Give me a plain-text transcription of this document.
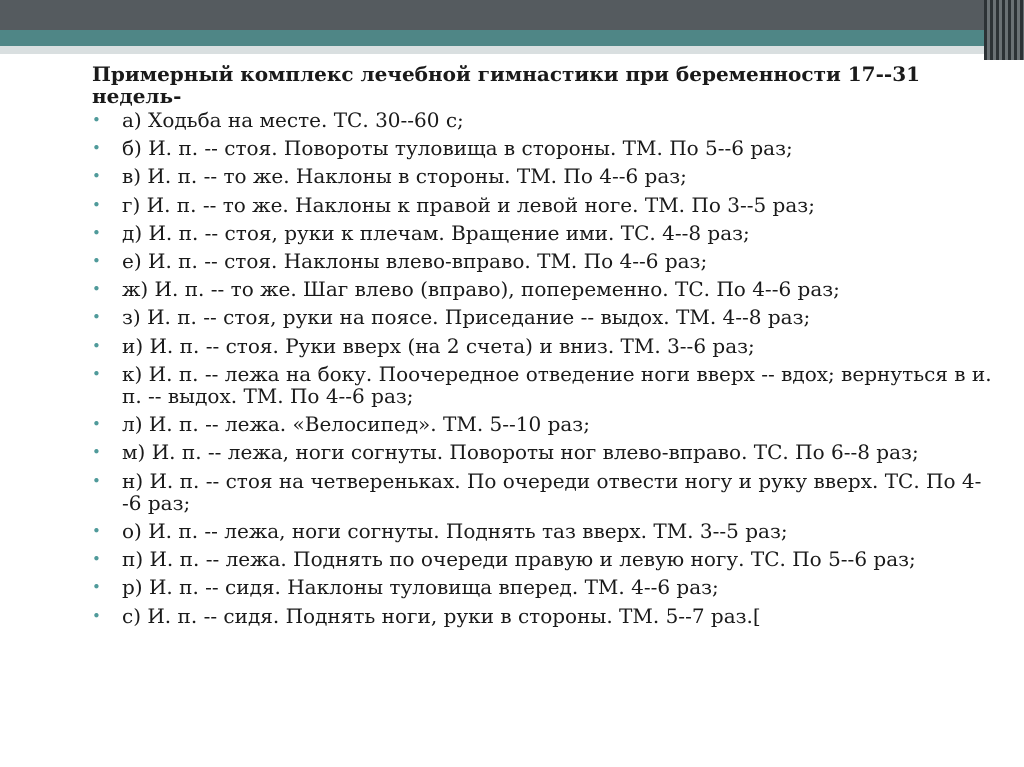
Примерный комплекс лечебной гимнастики при беременности 17--31 недель-
• а) Ходьба на месте. ТС. 30--60 с;
• б) И. п. -- стоя. Повороты туловища в стороны. ТМ. По 5--6 раз;
• в) И. п. -- то же. Наклоны в стороны. ТМ. По 4--6 раз;
• г) И. п. -- то же. Наклоны к правой и левой ноге. ТМ. По 3--5 раз;
• д) И. п. -- стоя, руки к плечам. Вращение ими. ТС. 4--8 раз;
• е) И. п. -- стоя. Наклоны влево-вправо. ТМ. По 4--6 раз;
• ж) И. п. -- то же. Шаг влево (вправо), попеременно. ТС. По 4--6 раз;
• з) И. п. -- стоя, руки на поясе. Приседание -- выдох. ТМ. 4--8 раз;
• и) И. п. -- стоя. Руки вверх (на 2 счета) и вниз. ТМ. 3--6 раз;
• к) И. п. -- лежа на боку. Поочередное отведение ноги вверх -- вдох; вернуться в и. п. -- выдох. ТМ. По 4--6 раз;
• л) И. п. -- лежа. «Велосипед». ТМ. 5--10 раз;
• м) И. п. -- лежа, ноги согнуты. Повороты ног влево-вправо. ТС. По 6--8 раз;
• н) И. п. -- стоя на четвереньках. По очереди отвести ногу и руку вверх. ТС. По 4--6 раз;
• о) И. п. -- лежа, ноги согнуты. Поднять таз вверх. ТМ. 3--5 раз;
• п) И. п. -- лежа. Поднять по очереди правую и левую ногу. ТС. По 5--6 раз;
• р) И. п. -- сидя. Наклоны туловища вперед. ТМ. 4--6 раз;
• с) И. п. -- сидя. Поднять ноги, руки в стороны. ТМ. 5--7 раз.[
